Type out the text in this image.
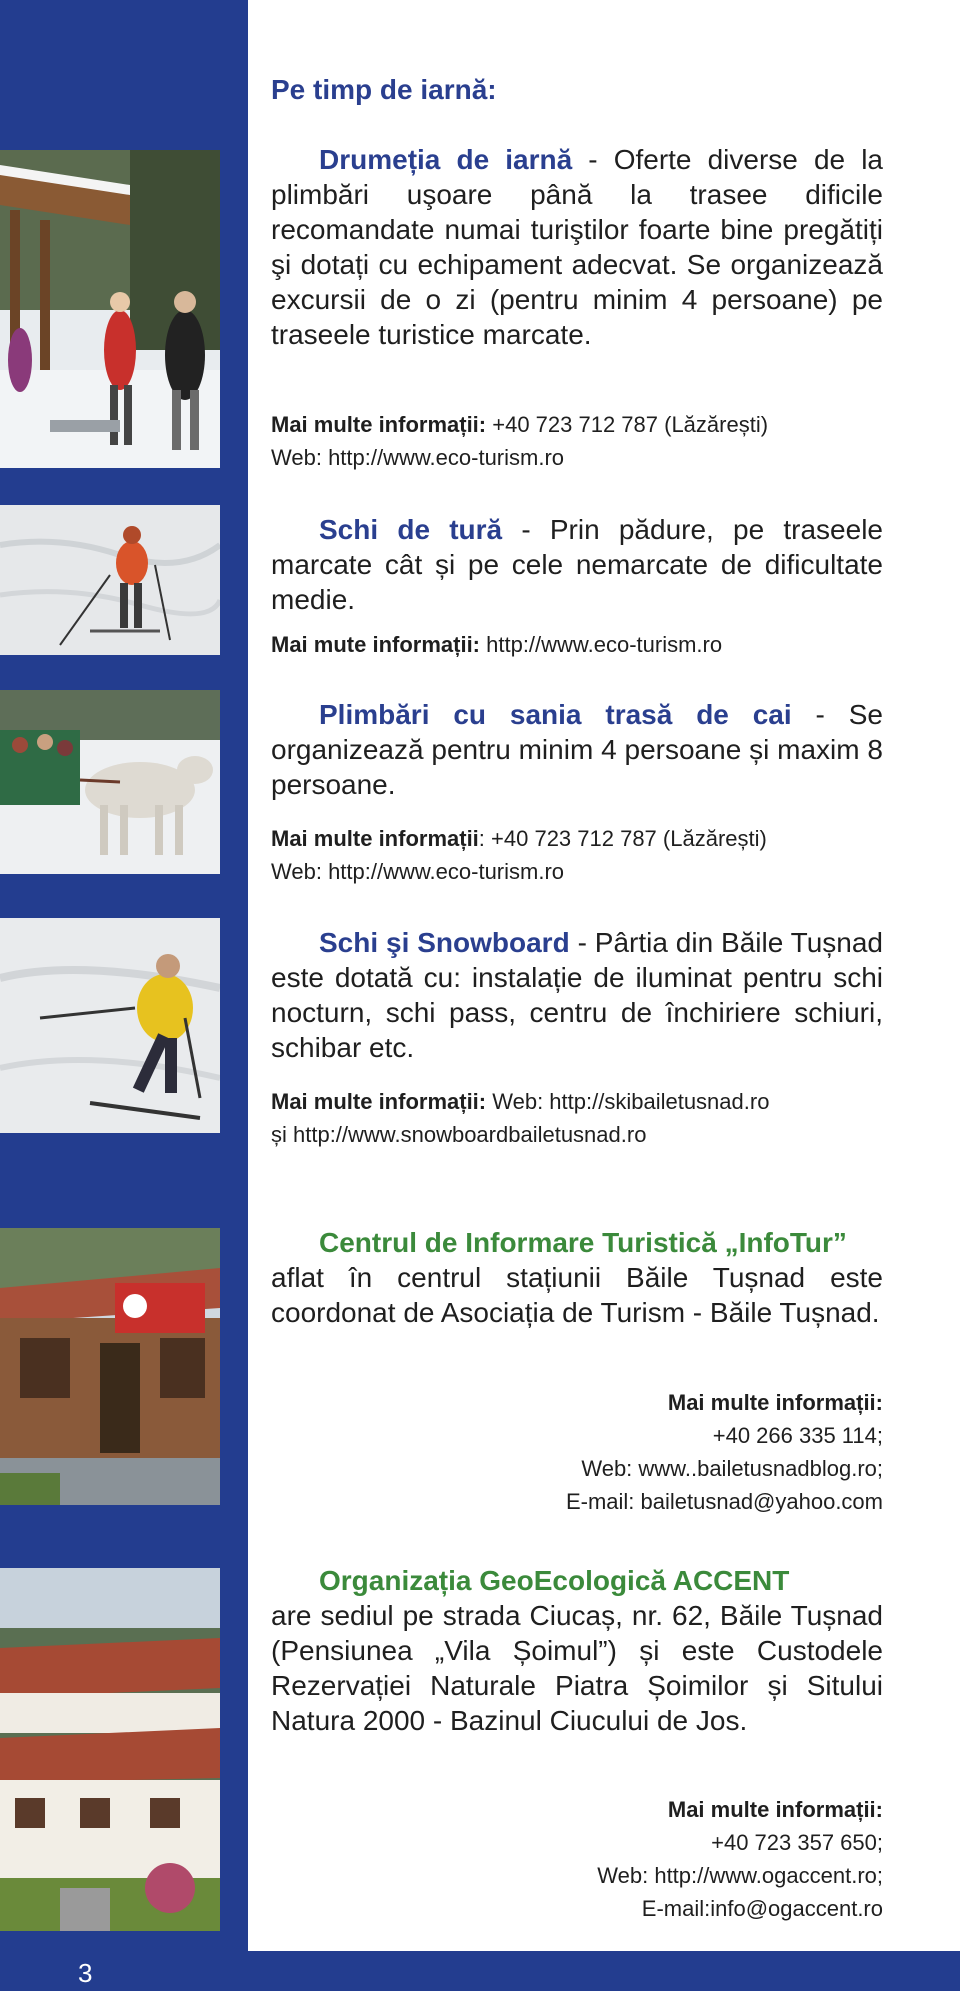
3
Pe timp de iarnă:
Drumeția de iarnă - Oferte diverse de la plimbări uşoare până la trasee dificile recomandate numai turiştilor foarte bine pregătiți şi dotați cu echipament adecvat. Se organizează excursii de o zi (pentru minim 4 persoane) pe traseele turistice marcate.
Mai multe informații: +40 723 712 787 (Lăzărești)
Web: http://www.eco-turism.ro
Schi de tură - Prin pădure, pe traseele marcate cât și pe cele nemarcate de dificultate medie.
Mai mute informații: http://www.eco-turism.ro
Plimbări cu sania trasă de cai - Se organizează pentru minim 4 persoane și maxim 8 persoane.
Mai multe informații: +40 723 712 787 (Lăzărești)
Web: http://www.eco-turism.ro
Schi şi Snowboard - Pârtia din Băile Tușnad este dotată cu: instalație de iluminat pentru schi nocturn, schi pass, centru de închiriere schiuri, schibar etc.
Mai multe informații: Web: http://skibailetusnad.ro
și http://www.snowboardbailetusnad.ro
Centrul de Informare Turistică „InfoTur”
aflat în centrul stațiunii Băile Tușnad este coordonat de Asociația de Turism - Băile Tușnad.
Mai multe informații:
+40 266 335 114;
Web: www..bailetusnadblog.ro;
E-mail: bailetusnad@yahoo.com
Organizația GeoEcologică ACCENT
are sediul pe strada Ciucaș, nr. 62, Băile Tușnad (Pensiunea „Vila Șoimul”) și este Custodele Rezervației Naturale Piatra Șoimilor și Sitului Natura 2000 - Bazinul Ciucului de Jos.
Mai multe informații:
+40 723 357 650;
Web: http://www.ogaccent.ro;
E-mail:info@ogaccent.ro
